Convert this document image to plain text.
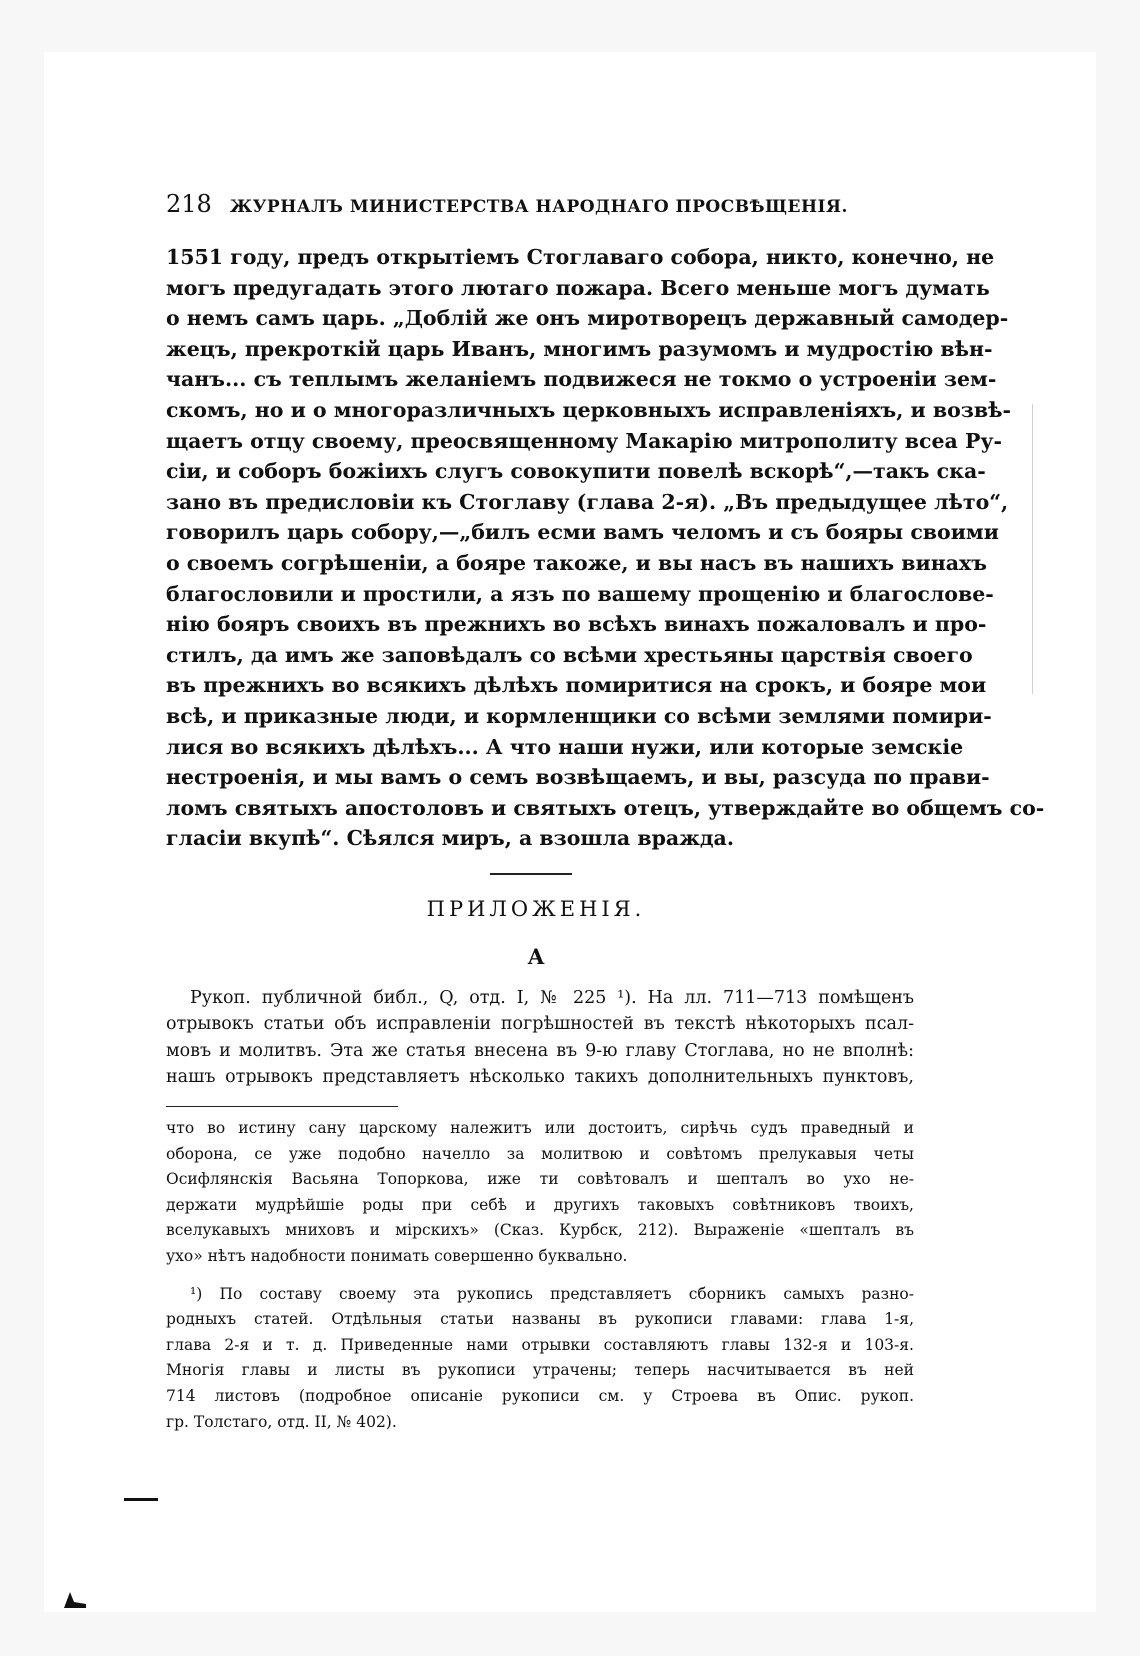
218 ЖУРНАЛЪ МИНИСТЕРСТВА НАРОДНАГО ПРОСВѢЩЕНІЯ.
1551 году, предъ открытіемъ Стоглаваго собора, никто, конечно, не
могъ предугадать этого лютаго пожара. Всего меньше могъ думать
о немъ самъ царь. „Доблій же онъ миротворецъ державный самодер-
жецъ, прекроткій царь Иванъ, многимъ разумомъ и мудростію вѣн-
чанъ... съ теплымъ желаніемъ подвижеся не токмо о устроеніи зем-
скомъ, но и о многоразличныхъ церковныхъ исправленіяхъ, и возвѣ-
щаетъ отцу своему, преосвященному Макарію митрополиту всеа Ру-
сіи, и соборъ божіихъ слугъ совокупити повелѣ вскорѣ“,—такъ ска-
зано въ предисловіи къ Стоглаву (глава 2-я). „Въ предыдущее лѣто“,
говорилъ царь собору,—„билъ есми вамъ челомъ и съ бояры своими
о своемъ согрѣшеніи, а бояре такоже, и вы насъ въ нашихъ винахъ
благословили и простили, а язъ по вашему прощенію и благослове-
нію бояръ своихъ въ прежнихъ во всѣхъ винахъ пожаловалъ и про-
стилъ, да имъ же заповѣдалъ со всѣми хрестьяны царствія своего
въ прежнихъ во всякихъ дѣлѣхъ помиритися на срокъ, и бояре мои
всѣ, и приказные люди, и кормленщики со всѣми землями помири-
лися во всякихъ дѣлѣхъ... А что наши нужи, или которые земскіе
нестроенія, и мы вамъ о семъ возвѣщаемъ, и вы, разсуда по прави-
ломъ святыхъ апостоловъ и святыхъ отецъ, утверждайте во общемъ со-
гласіи вкупѣ“. Сѣялся миръ, а взошла вражда.
ПРИЛОЖЕНІЯ.
А
Рукоп. публичной библ., Q, отд. I, № 225 ¹). На лл. 711—713 помѣщенъ
отрывокъ статьи объ исправленіи погрѣшностей въ текстѣ нѣкоторыхъ псал-
мовъ и молитвъ. Эта же статья внесена въ 9-ю главу Стоглава, но не вполнѣ:
нашъ отрывокъ представляетъ нѣсколько такихъ дополнительныхъ пунктовъ,
что во истину сану царскому належитъ или достоитъ, сирѣчь судъ праведный и
оборона, се уже подобно начелло за молитвою и совѣтомъ прелукавыя четы
Осифлянскія Васьяна Топоркова, иже ти совѣтовалъ и шепталъ во ухо не-
держати мудрѣйшіе роды при себѣ и другихъ таковыхъ совѣтниковъ твоихъ,
вселукавыхъ мниховъ и мірскихъ» (Сказ. Курбск, 212). Выраженіе «шепталъ въ
ухо» нѣтъ надобности понимать совершенно буквально.
¹) По составу своему эта рукопись представляетъ сборникъ самыхъ разно-
родныхъ статей. Отдѣльныя статьи названы въ рукописи главами: глава 1-я,
глава 2-я и т. д. Приведенные нами отрывки составляютъ главы 132-я и 103-я.
Многія главы и листы въ рукописи утрачены; теперь насчитывается въ ней
714 листовъ (подробное описаніе рукописи см. у Строева въ Опис. рукоп.
гр. Толстаго, отд. II, № 402).
